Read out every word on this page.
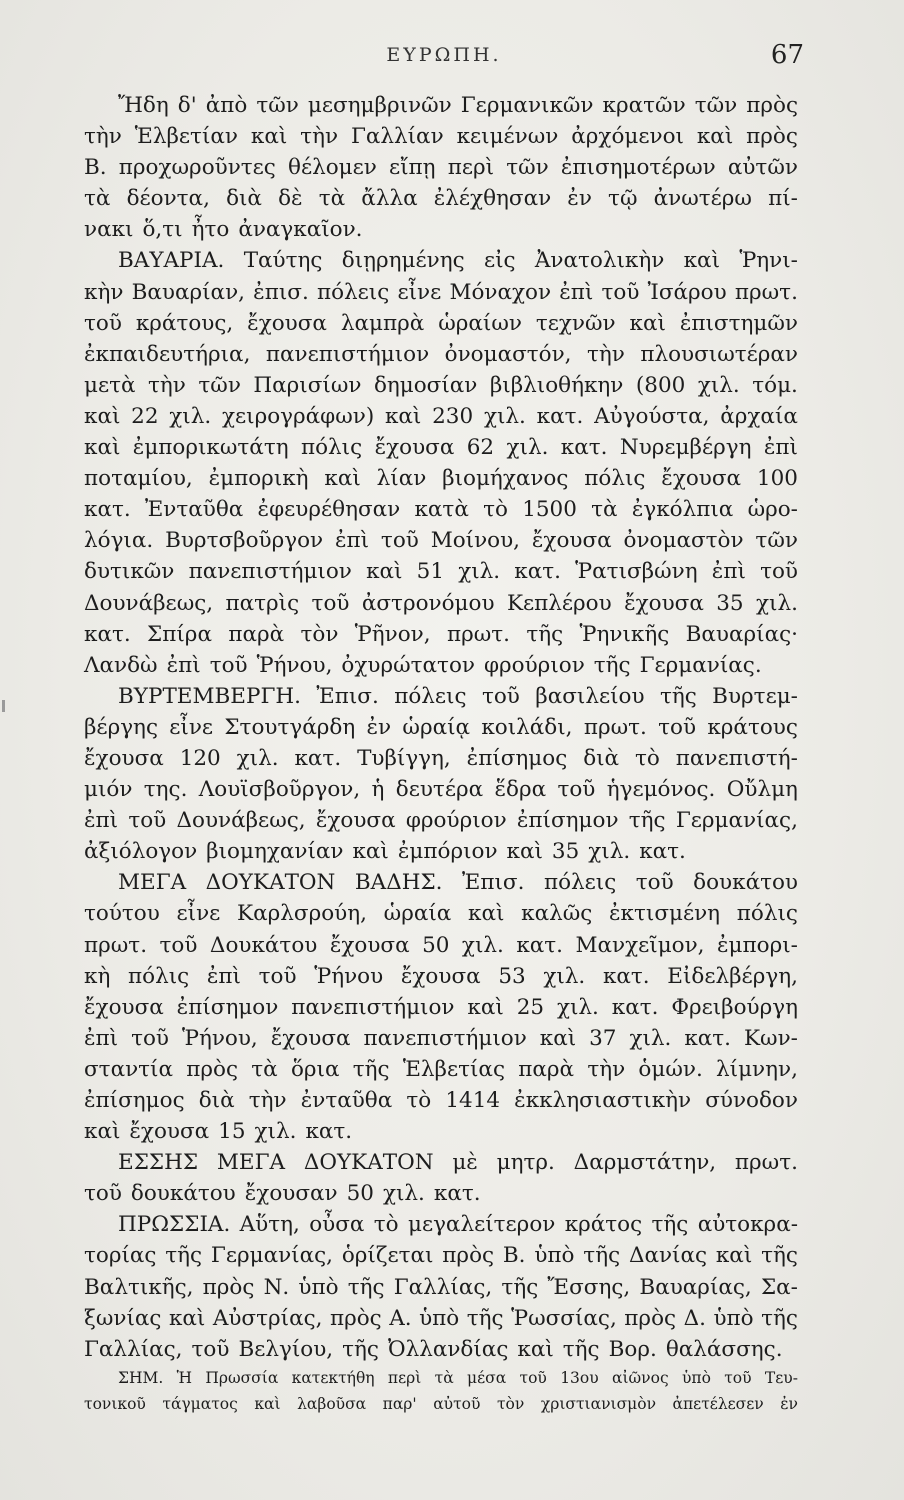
ΕΥΡΩΠΗ.	67
Ἤδη δ' ἀπὸ τῶν μεσημβρινῶν Γερμανικῶν κρατῶν τῶν πρὸς
τὴν Ἑλβετίαν καὶ τὴν Γαλλίαν κειμένων ἀρχόμενοι καὶ πρὸς
Β. προχωροῦντες θέλομεν εἴπῃ περὶ τῶν ἐπισημοτέρων αὐτῶν
τὰ δέοντα, διὰ δὲ τὰ ἄλλα ἐλέχθησαν ἐν τῷ ἀνωτέρω πί-
νακι ὅ,τι ἦτο ἀναγκαῖον.
ΒΑΥΑΡΙΑ. Ταύτης διῃρημένης εἰς Ἀνατολικὴν καὶ Ῥηνι-
κὴν Βαυαρίαν, ἐπισ. πόλεις εἶνε Μόναχον ἐπὶ τοῦ Ἰσάρου πρωτ.
τοῦ κράτους, ἔχουσα λαμπρὰ ὡραίων τεχνῶν καὶ ἐπιστημῶν
ἐκπαιδευτήρια, πανεπιστήμιον ὀνομαστόν, τὴν πλουσιωτέραν
μετὰ τὴν τῶν Παρισίων δημοσίαν βιβλιοθήκην (800 χιλ. τόμ.
καὶ 22 χιλ. χειρογράφων) καὶ 230 χιλ. κατ. Αὐγούστα, ἀρχαία
καὶ ἐμπορικωτάτη πόλις ἔχουσα 62 χιλ. κατ. Νυρεμβέργη ἐπὶ
ποταμίου, ἐμπορικὴ καὶ λίαν βιομήχανος πόλις ἔχουσα 100
κατ. Ἐνταῦθα ἐφευρέθησαν κατὰ τὸ 1500 τὰ ἐγκόλπια ὡρο-
λόγια. Βυρτσβοῦργον ἐπὶ τοῦ Μοίνου, ἔχουσα ὀνομαστὸν τῶν
δυτικῶν πανεπιστήμιον καὶ 51 χιλ. κατ. Ῥατισβώνη ἐπὶ τοῦ
Δουνάβεως, πατρὶς τοῦ ἀστρονόμου Κεπλέρου ἔχουσα 35 χιλ.
κατ. Σπίρα παρὰ τὸν Ῥῆνον, πρωτ. τῆς Ῥηνικῆς Βαυαρίας·
Λανδὼ ἐπὶ τοῦ Ῥήνου, ὀχυρώτατον φρούριον τῆς Γερμανίας.
ΒΥΡΤΕΜΒΕΡΓΗ. Ἐπισ. πόλεις τοῦ βασιλείου τῆς Βυρτεμ-
βέργης εἶνε Στουτγάρδη ἐν ὡραίᾳ κοιλάδι, πρωτ. τοῦ κράτους
ἔχουσα 120 χιλ. κατ. Τυβίγγη, ἐπίσημος διὰ τὸ πανεπιστή-
μιόν της. Λουϊσβοῦργον, ἡ δευτέρα ἕδρα τοῦ ἡγεμόνος. Οὔλμη
ἐπὶ τοῦ Δουνάβεως, ἔχουσα φρούριον ἐπίσημον τῆς Γερμανίας,
ἀξιόλογον βιομηχανίαν καὶ ἐμπόριον καὶ 35 χιλ. κατ.
ΜΕΓΑ ΔΟΥΚΑΤΟΝ ΒΑΔΗΣ. Ἐπισ. πόλεις τοῦ δουκάτου
τούτου εἶνε Καρλσρούη, ὡραία καὶ καλῶς ἐκτισμένη πόλις
πρωτ. τοῦ Δουκάτου ἔχουσα 50 χιλ. κατ. Μανχεῖμον, ἐμπορι-
κὴ πόλις ἐπὶ τοῦ Ῥήνου ἔχουσα 53 χιλ. κατ. Εἰδελβέργη,
ἔχουσα ἐπίσημον πανεπιστήμιον καὶ 25 χιλ. κατ. Φρειβούργη
ἐπὶ τοῦ Ῥήνου, ἔχουσα πανεπιστήμιον καὶ 37 χιλ. κατ. Κων-
σταντία πρὸς τὰ ὅρια τῆς Ἑλβετίας παρὰ τὴν ὁμών. λίμνην,
ἐπίσημος διὰ τὴν ἐνταῦθα τὸ 1414 ἐκκλησιαστικὴν σύνοδον
καὶ ἔχουσα 15 χιλ. κατ.
ΕΣΣΗΣ ΜΕΓΑ ΔΟΥΚΑΤΟΝ μὲ μητρ. Δαρμστάτην, πρωτ.
τοῦ δουκάτου ἔχουσαν 50 χιλ. κατ.
ΠΡΩΣΣΙΑ. Αὕτη, οὖσα τὸ μεγαλείτερον κράτος τῆς αὐτοκρα-
τορίας τῆς Γερμανίας, ὁρίζεται πρὸς Β. ὑπὸ τῆς Δανίας καὶ τῆς
Βαλτικῆς, πρὸς Ν. ὑπὸ τῆς Γαλλίας, τῆς Ἔσσης, Βαυαρίας, Σα-
ξωνίας καὶ Αὐστρίας, πρὸς Α. ὑπὸ τῆς Ῥωσσίας, πρὸς Δ. ὑπὸ τῆς
Γαλλίας, τοῦ Βελγίου, τῆς Ὀλλανδίας καὶ τῆς Βορ. θαλάσσης.
ΣΗΜ. Ἡ Πρωσσία κατεκτήθη περὶ τὰ μέσα τοῦ 13ου αἰῶνος ὑπὸ τοῦ Τευ-
τονικοῦ τάγματος καὶ λαβοῦσα παρ' αὐτοῦ τὸν χριστιανισμὸν ἀπετέλεσεν ἐν
